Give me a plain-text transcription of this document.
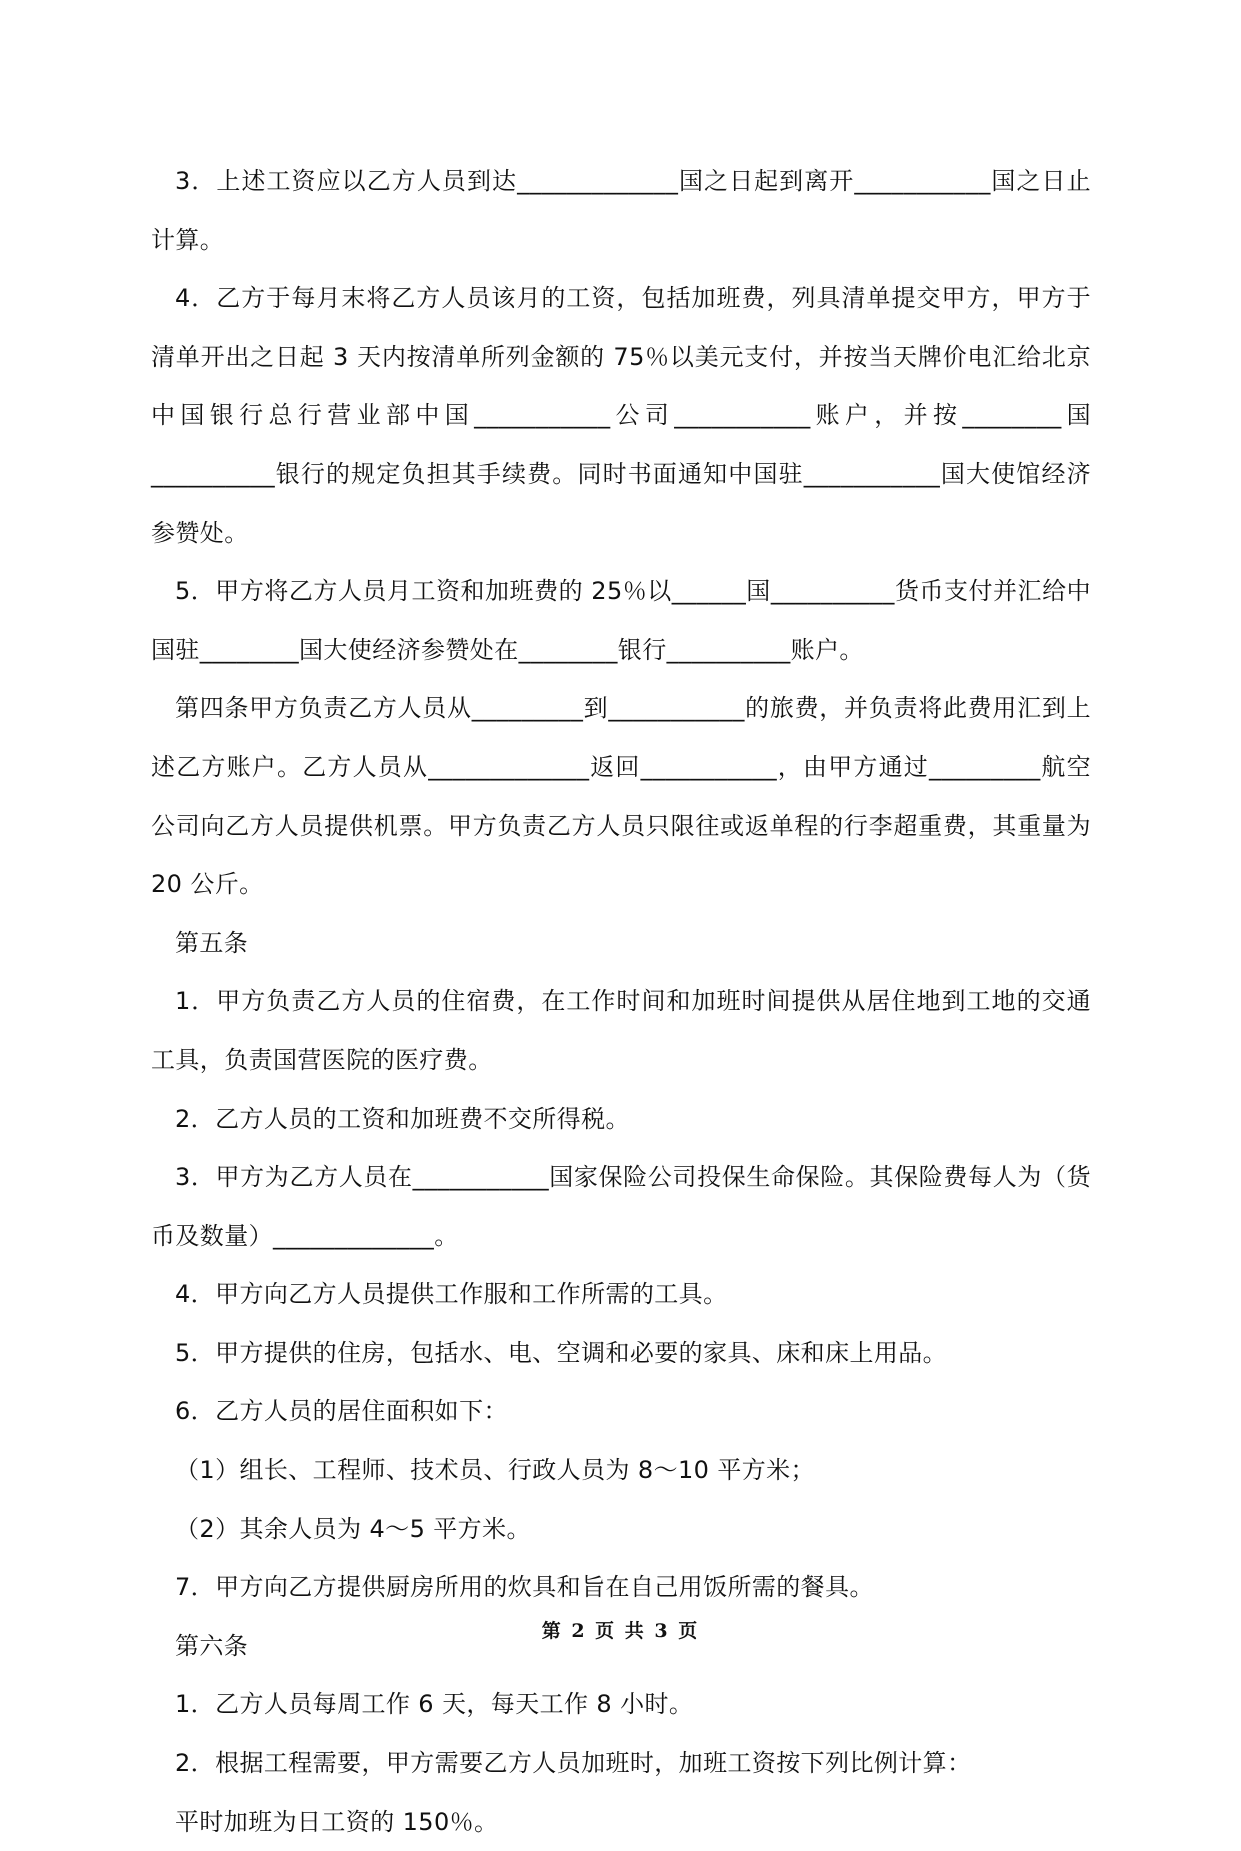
3．上述工资应以乙方人员到达_____________国之日起到离开___________国之日止计算。

4．乙方于每月末将乙方人员该月的工资，包括加班费，列具清单提交甲方，甲方于清单开出之日起 3 天内按清单所列金额的 75％以美元支付，并按当天牌价电汇给北京中国银行总行营业部中国___________公司___________账户，并按________国__________银行的规定负担其手续费。同时书面通知中国驻___________国大使馆经济参赞处。

5．甲方将乙方人员月工资和加班费的 25％以______国__________货币支付并汇给中国驻________国大使经济参赞处在________银行__________账户。

第四条甲方负责乙方人员从_________到___________的旅费，并负责将此费用汇到上述乙方账户。乙方人员从_____________返回___________，由甲方通过_________航空公司向乙方人员提供机票。甲方负责乙方人员只限往或返单程的行李超重费，其重量为 20 公斤。

第五条

1．甲方负责乙方人员的住宿费，在工作时间和加班时间提供从居住地到工地的交通工具，负责国营医院的医疗费。

2．乙方人员的工资和加班费不交所得税。

3．甲方为乙方人员在___________国家保险公司投保生命保险。其保险费每人为（货币及数量）_____________。

4．甲方向乙方人员提供工作服和工作所需的工具。

5．甲方提供的住房，包括水、电、空调和必要的家具、床和床上用品。

6．乙方人员的居住面积如下：

（1）组长、工程师、技术员、行政人员为 8～10 平方米；

（2）其余人员为 4～5 平方米。

7．甲方向乙方提供厨房所用的炊具和旨在自己用饭所需的餐具。

第六条

1．乙方人员每周工作 6 天，每天工作 8 小时。

2．根据工程需要，甲方需要乙方人员加班时，加班工资按下列比例计算：

平时加班为日工资的 150％。

第 2 页 共 3 页
